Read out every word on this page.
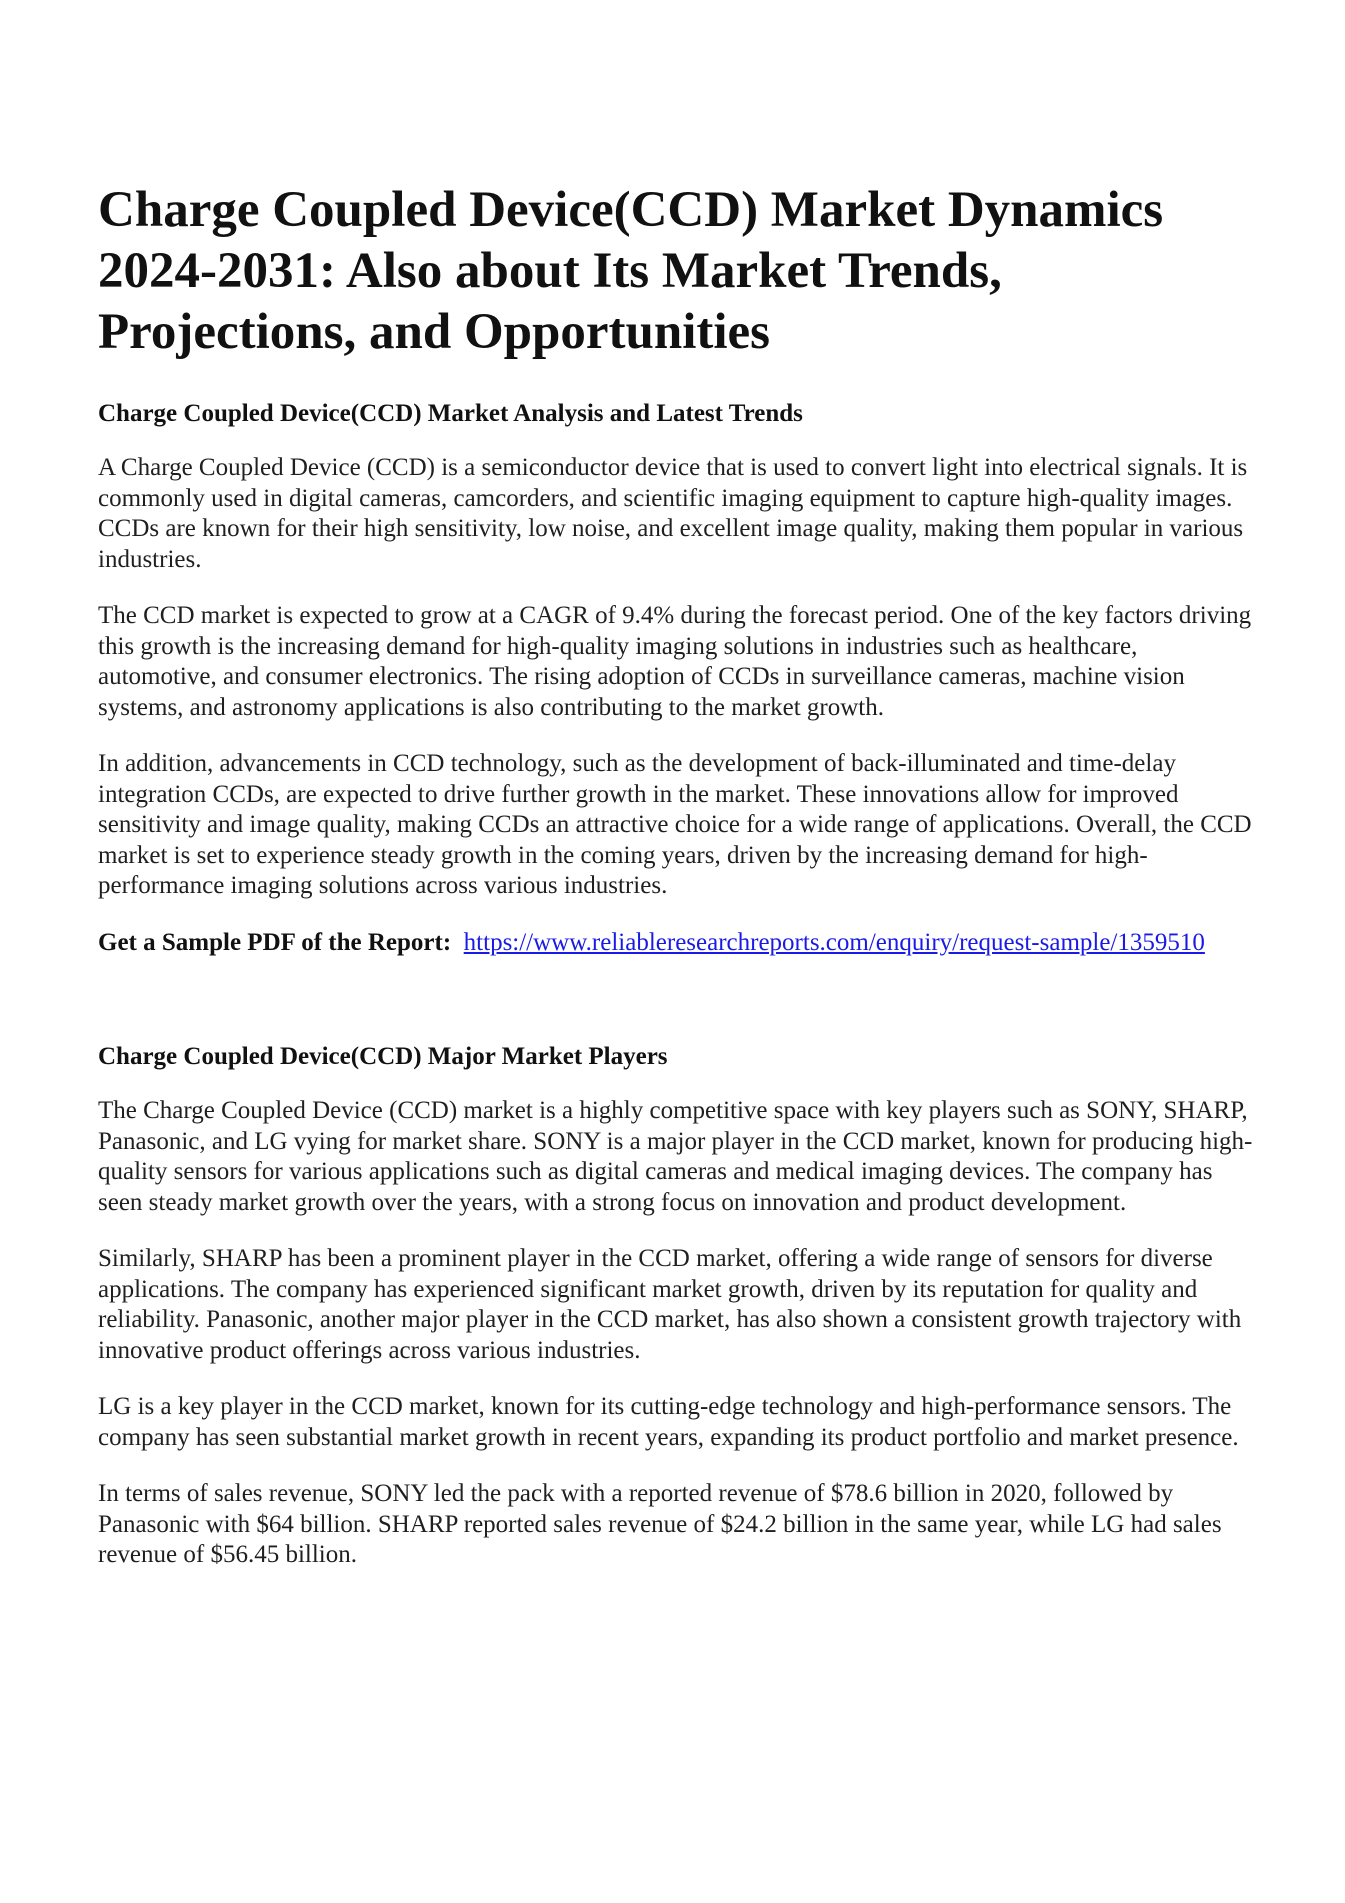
Charge Coupled Device(CCD) Market Dynamics 2024-2031: Also about Its Market Trends, Projections, and Opportunities
Charge Coupled Device(CCD) Market Analysis and Latest Trends

A Charge Coupled Device (CCD) is a semiconductor device that is used to convert light into electrical signals. It is commonly used in digital cameras, camcorders, and scientific imaging equipment to capture high-quality images. CCDs are known for their high sensitivity, low noise, and excellent image quality, making them popular in various industries.

The CCD market is expected to grow at a CAGR of 9.4% during the forecast period. One of the key factors driving this growth is the increasing demand for high-quality imaging solutions in industries such as healthcare, automotive, and consumer electronics. The rising adoption of CCDs in surveillance cameras, machine vision systems, and astronomy applications is also contributing to the market growth.

In addition, advancements in CCD technology, such as the development of back-illuminated and time-delay integration CCDs, are expected to drive further growth in the market. These innovations allow for improved sensitivity and image quality, making CCDs an attractive choice for a wide range of applications. Overall, the CCD market is set to experience steady growth in the coming years, driven by the increasing demand for high-performance imaging solutions across various industries.

Get a Sample PDF of the Report: https://www.reliableresearchreports.com/enquiry/request-sample/1359510

Charge Coupled Device(CCD) Major Market Players

The Charge Coupled Device (CCD) market is a highly competitive space with key players such as SONY, SHARP, Panasonic, and LG vying for market share. SONY is a major player in the CCD market, known for producing high-quality sensors for various applications such as digital cameras and medical imaging devices. The company has seen steady market growth over the years, with a strong focus on innovation and product development.

Similarly, SHARP has been a prominent player in the CCD market, offering a wide range of sensors for diverse applications. The company has experienced significant market growth, driven by its reputation for quality and reliability. Panasonic, another major player in the CCD market, has also shown a consistent growth trajectory with innovative product offerings across various industries.

LG is a key player in the CCD market, known for its cutting-edge technology and high-performance sensors. The company has seen substantial market growth in recent years, expanding its product portfolio and market presence.

In terms of sales revenue, SONY led the pack with a reported revenue of $78.6 billion in 2020, followed by Panasonic with $64 billion. SHARP reported sales revenue of $24.2 billion in the same year, while LG had sales revenue of $56.45 billion.
